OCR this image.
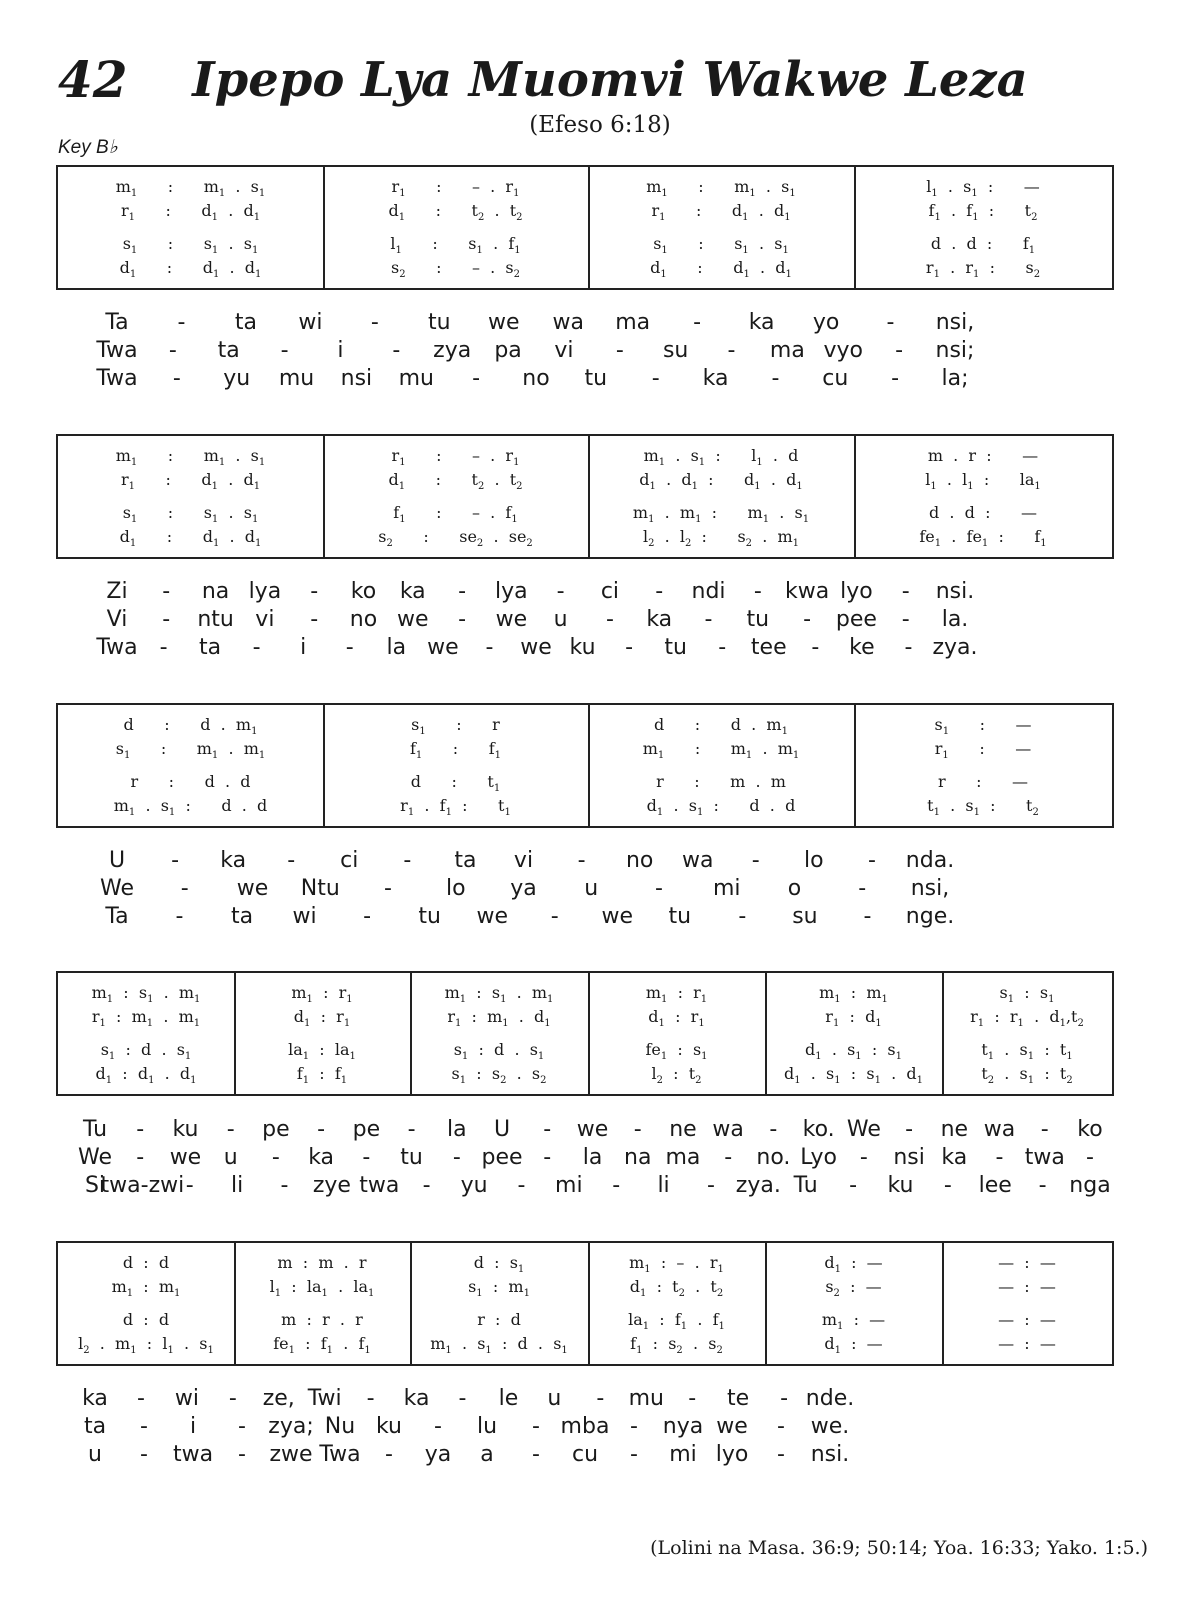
42	Ipepo Lya Muomvi Wakwe Leza
(Efeso 6:18)
Key B♭
$m_1$      :      $m_1$  .  $s_1$	$r_1$      :      –  .  $r_1$	$m_1$      :      $m_1$  .  $s_1$	$l_1$  .  $s_1$  :      —
$r_1$      :      $d_1$  .  $d_1$	$d_1$      :      $t_2$  .  $t_2$	$r_1$      :      $d_1$  .  $d_1$	$f_1$  .  $f_1$  :      $t_2$
$s_1$      :      $s_1$  .  $s_1$	$l_1$      :      $s_1$  .  $f_1$	$s_1$      :      $s_1$  .  $s_1$	d  .  d  :      $f_1$
$d_1$      :      $d_1$  .  $d_1$	$s_2$      :      –  .  $s_2$	$d_1$      :      $d_1$  .  $d_1$	$r_1$  .  $r_1$  :      $s_2$
Ta - ta wi - tu we wa ma - ka yo - nsi,
Twa - ta - i - zya pa vi - su - ma vyo - nsi;
Twa - yu mu nsi mu - no tu - ka - cu - la;
$m_1$      :      $m_1$  .  $s_1$	$r_1$      :      –  .  $r_1$	$m_1$  .  $s_1$  :      $l_1$  .  d	m  .  r  :      —
$r_1$      :      $d_1$  .  $d_1$	$d_1$      :      $t_2$  .  $t_2$	$d_1$  .  $d_1$  :      $d_1$  .  $d_1$	$l_1$  .  $l_1$  :      $la_1$
$s_1$      :      $s_1$  .  $s_1$	$f_1$      :      –  .  $f_1$	$m_1$  .  $m_1$  :      $m_1$  .  $s_1$	d  .  d  :      —
$d_1$      :      $d_1$  .  $d_1$	$s_2$      :      $se_2$  .  $se_2$	$l_2$  .  $l_2$  :      $s_2$  .  $m_1$	$fe_1$  .  $fe_1$  :      $f_1$
Zi - na lya - ko ka - lya - ci - ndi - kwa lyo - nsi.
Vi - ntu vi - no we - we u - ka - tu - pee - la.
Twa - ta - i - la we - we ku - tu - tee - ke - zya.
d      :      d  .  $m_1$	$s_1$      :      r	d      :      d  .  $m_1$	$s_1$      :      —
$s_1$      :      $m_1$  .  $m_1$	$f_1$      :      $f_1$	$m_1$      :      $m_1$  .  $m_1$	$r_1$      :      —
r      :      d  .  d	d      :      $t_1$	r      :      m  .  m	r      :      —
$m_1$  .  $s_1$  :      d  .  d	$r_1$  .  $f_1$  :      $t_1$	$d_1$  .  $s_1$  :      d  .  d	$t_1$  .  $s_1$  :      $t_2$
U - ka - ci - ta vi - no wa - lo - nda.
We - we Ntu - lo ya u	- mi o	- nsi,
Ta - ta wi - tu we - we tu - su - nge.
$m_1$  :  $s_1$  .  $m_1$	$m_1$  :  $r_1$	$m_1$  :  $s_1$  .  $m_1$	$m_1$  :  $r_1$	$m_1$  :  $m_1$	$s_1$  :  $s_1$
$r_1$  :  $m_1$  .  $m_1$	$d_1$  :  $r_1$	$r_1$  :  $m_1$  .  $d_1$	$d_1$  :  $r_1$	$r_1$  :  $d_1$	$r_1$  :  $r_1$  .  $d_1,t_2$
$s_1$  :  d  .  $s_1$	$la_1$  :  $la_1$	$s_1$  :  d  .  $s_1$	$fe_1$  :  $s_1$	$d_1$  .  $s_1$  :  $s_1$	$t_1$  .  $s_1$  :  $t_1$
$d_1$  :  $d_1$  .  $d_1$	$f_1$  :  $f_1$	$s_1$  :  $s_2$  .  $s_2$	$l_2$  :  $t_2$	$d_1$  .  $s_1$  :  $s_1$  .  $d_1$	$t_2$  .  $s_1$  :  $t_2$
Tu - ku - pe - pe - la U - we - ne wa - ko. We - ne wa - ko
We - we u - ka - tu - pee - la na ma - no. Lyo - nsi ka - twa -
Si
twa-zwi - li - zye twa - yu - mi - li - zya. Tu - ku - lee - nga
d  :  d	m  :  m  .  r	d  :  $s_1$	$m_1$  :  –  .  $r_1$	$d_1$  :  —	—  :  —
$m_1$  :  $m_1$	$l_1$  :  $la_1$  .  $la_1$	$s_1$  :  $m_1$	$d_1$  :  $t_2$  .  $t_2$	$s_2$  :  —	—  :  —
d  :  d	m  :  r  .  r	r  :  d	$la_1$  :  $f_1$  .  $f_1$	$m_1$  :  —	—  :  —
$l_2$  .  $m_1$  :  $l_1$  .  $s_1$	$fe_1$  :  $f_1$  .  $f_1$	$m_1$  .  $s_1$  :  d  .  $s_1$	$f_1$  :  $s_2$  .  $s_2$	$d_1$  :  —	—  :  —
ka - wi - ze, Twi - ka - le u - mu - te - nde.
ta - i - zya; Nu ku - lu - mba - nya we - we.
u - twa - zwe Twa - ya a - cu - mi lyo - nsi.
(Lolini na Masa. 36:9; 50:14; Yoa. 16:33; Yako. 1:5.)
